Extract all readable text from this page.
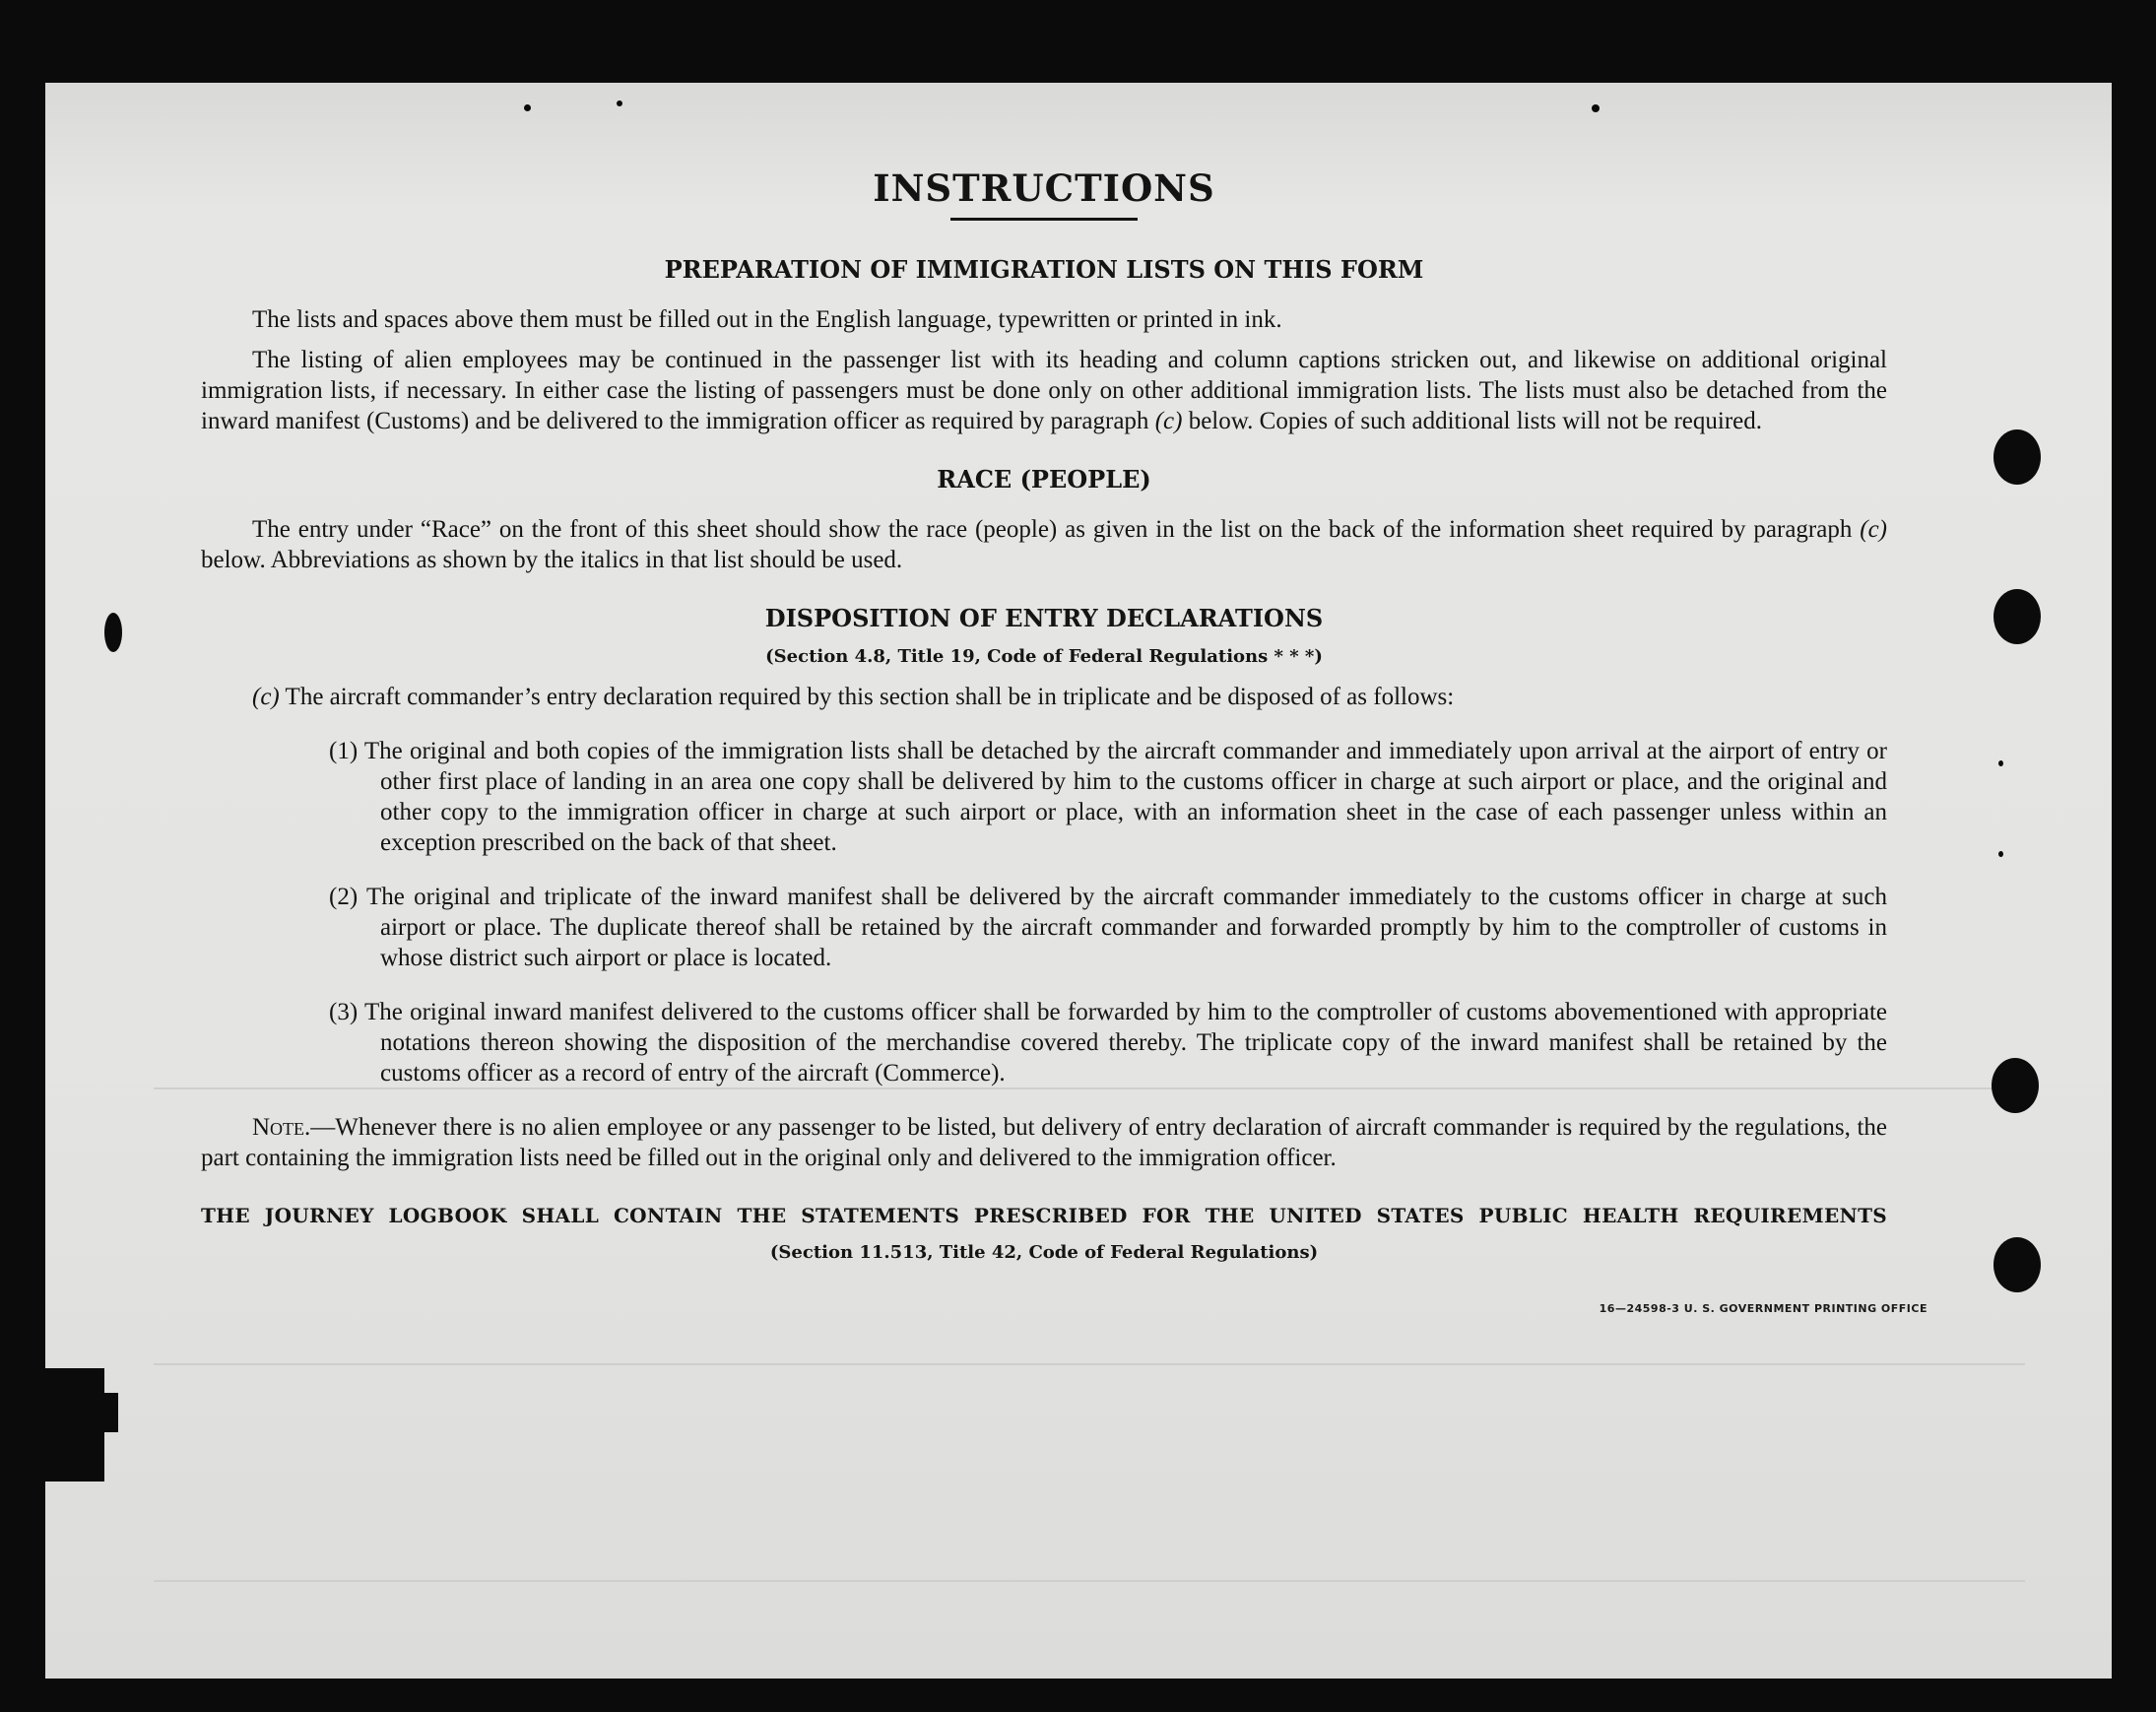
INSTRUCTIONS
PREPARATION OF IMMIGRATION LISTS ON THIS FORM

The lists and spaces above them must be filled out in the English language, typewritten or printed in ink.

The listing of alien employees may be continued in the passenger list with its heading and column captions stricken out, and likewise on additional original immigration lists, if necessary. In either case the listing of passengers must be done only on other additional immigration lists. The lists must also be detached from the inward manifest (Customs) and be delivered to the immigration officer as required by paragraph (c) below. Copies of such additional lists will not be required.

RACE (PEOPLE)

The entry under “Race” on the front of this sheet should show the race (people) as given in the list on the back of the information sheet required by paragraph (c) below. Abbreviations as shown by the italics in that list should be used.

DISPOSITION OF ENTRY DECLARATIONS
(Section 4.8, Title 19, Code of Federal Regulations * * *)

(c) The aircraft commander’s entry declaration required by this section shall be in triplicate and be disposed of as follows:

(1) The original and both copies of the immigration lists shall be detached by the aircraft commander and immediately upon arrival at the airport of entry or other first place of landing in an area one copy shall be delivered by him to the customs officer in charge at such airport or place, and the original and other copy to the immigration officer in charge at such airport or place, with an information sheet in the case of each passenger unless within an exception prescribed on the back of that sheet.

(2) The original and triplicate of the inward manifest shall be delivered by the aircraft commander immediately to the customs officer in charge at such airport or place. The duplicate thereof shall be retained by the aircraft commander and forwarded promptly by him to the comptroller of customs in whose district such airport or place is located.

(3) The original inward manifest delivered to the customs officer shall be forwarded by him to the comptroller of customs abovementioned with appropriate notations thereon showing the disposition of the merchandise covered thereby. The triplicate copy of the inward manifest shall be retained by the customs officer as a record of entry of the aircraft (Commerce).

Note.—Whenever there is no alien employee or any passenger to be listed, but delivery of entry declaration of aircraft commander is required by the regulations, the part containing the immigration lists need be filled out in the original only and delivered to the immigration officer.

THE JOURNEY LOGBOOK SHALL CONTAIN THE STATEMENTS PRESCRIBED FOR THE UNITED STATES PUBLIC HEALTH REQUIREMENTS
(Section 11.513, Title 42, Code of Federal Regulations)
16—24598-3 U. S. GOVERNMENT PRINTING OFFICE
